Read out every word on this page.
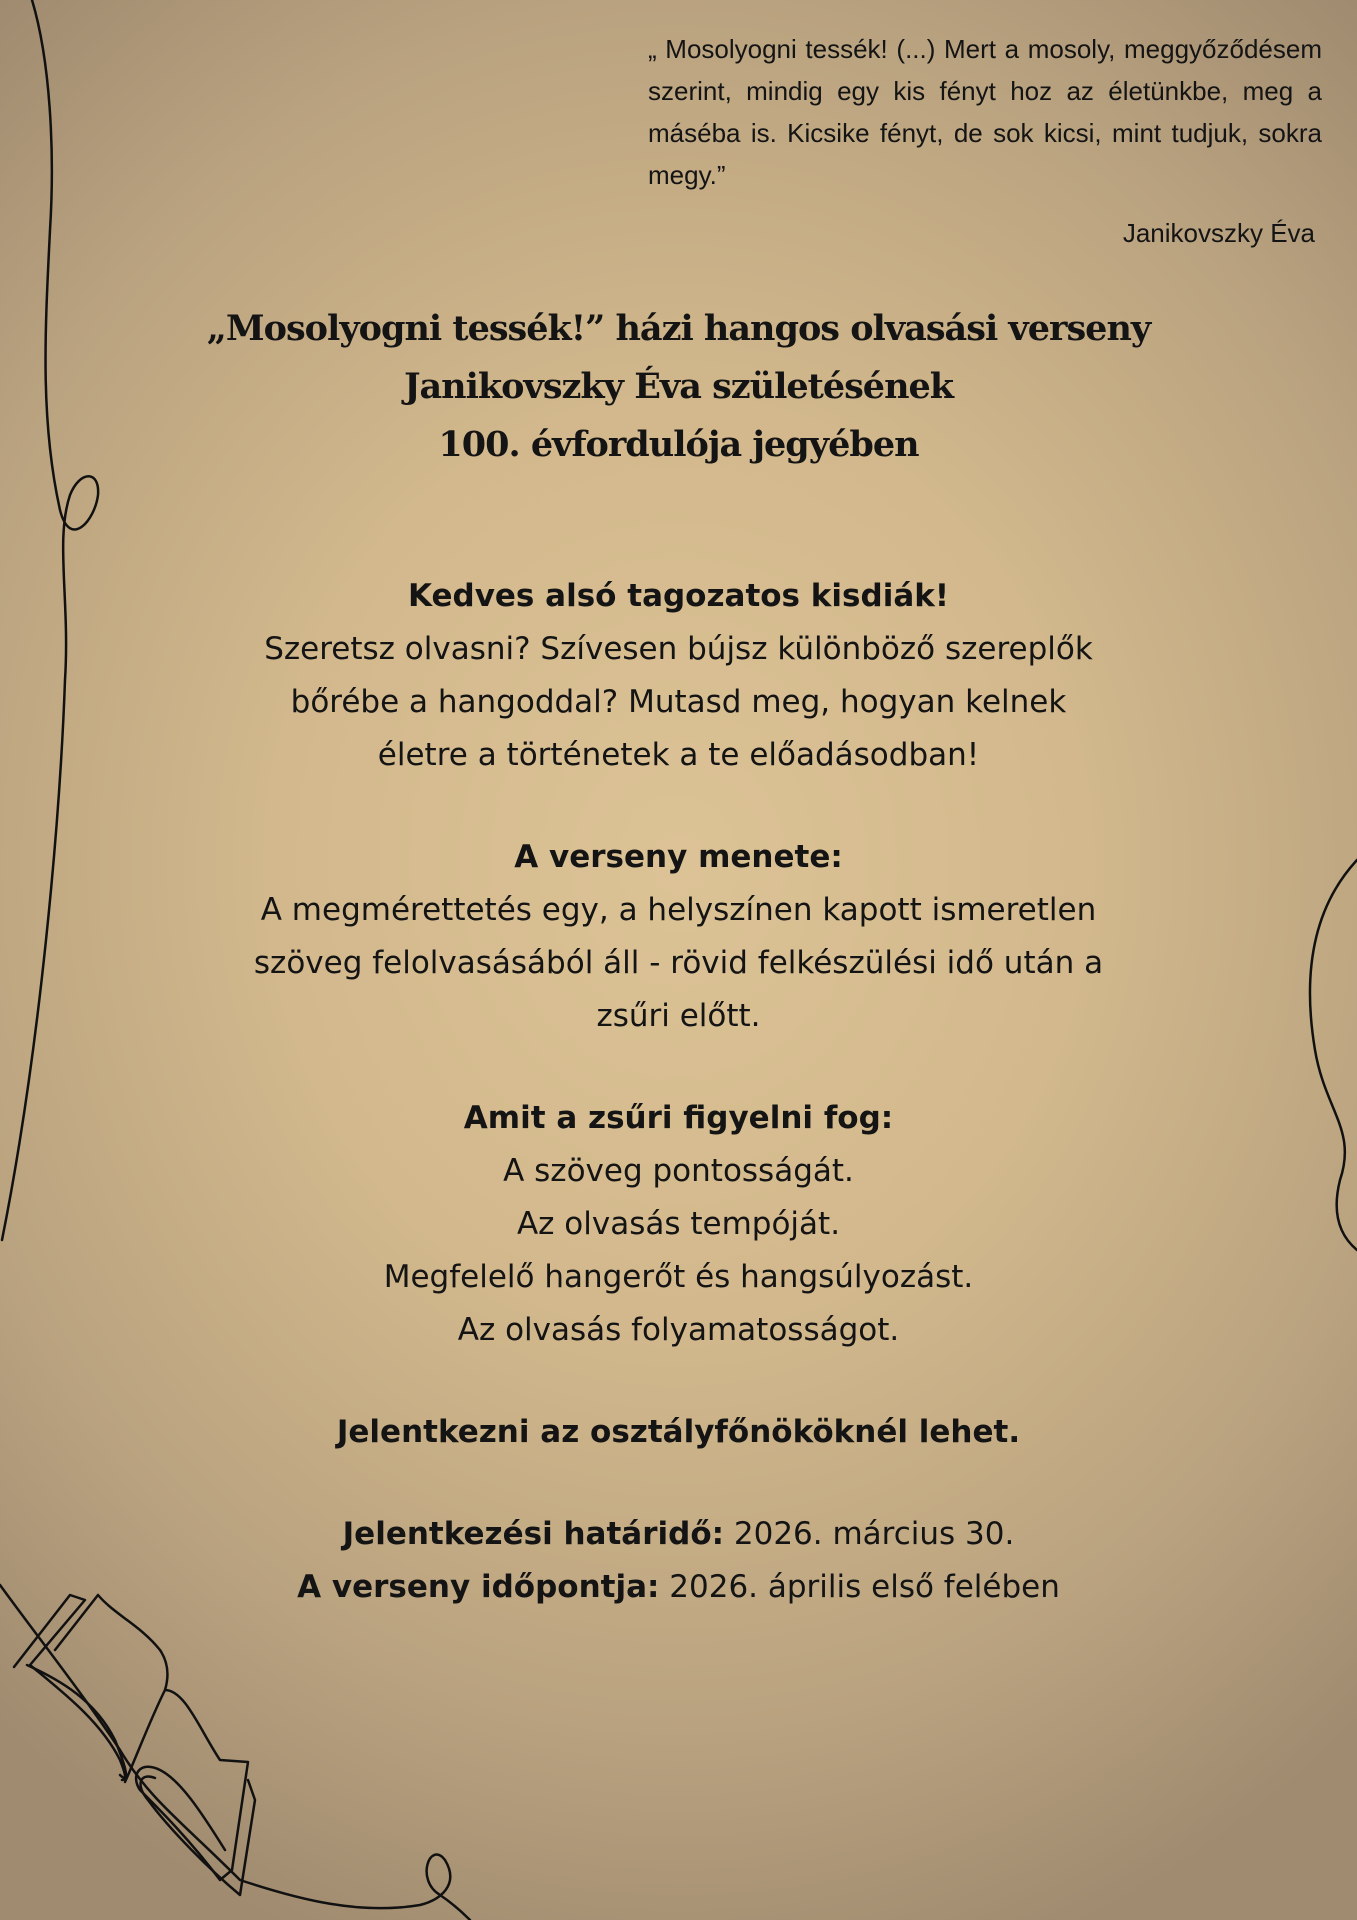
„ Mosolyogni tessék! (...) Mert a mosoly, meggyőződésem szerint, mindig egy kis fényt hoz az életünkbe, meg a máséba is. Kicsike fényt, de sok kicsi, mint tudjuk, sokra megy.”
Janikovszky Éva
„Mosolyogni tessék!” házi hangos olvasási verseny
Janikovszky Éva születésének
100. évfordulója jegyében
Kedves alsó tagozatos kisdiák!
Szeretsz olvasni? Szívesen bújsz különböző szereplők
bőrébe a hangoddal? Mutasd meg, hogyan kelnek
életre a történetek a te előadásodban!
A verseny menete:
A megmérettetés egy, a helyszínen kapott ismeretlen
szöveg felolvasásából áll - rövid felkészülési idő után a
zsűri előtt.
Amit a zsűri figyelni fog:
A szöveg pontosságát.
Az olvasás tempóját.
Megfelelő hangerőt és hangsúlyozást.
Az olvasás folyamatosságot.
Jelentkezni az osztályfőnököknél lehet.
Jelentkezési határidő: 2026. március 30.
A verseny időpontja: 2026. április első felében
